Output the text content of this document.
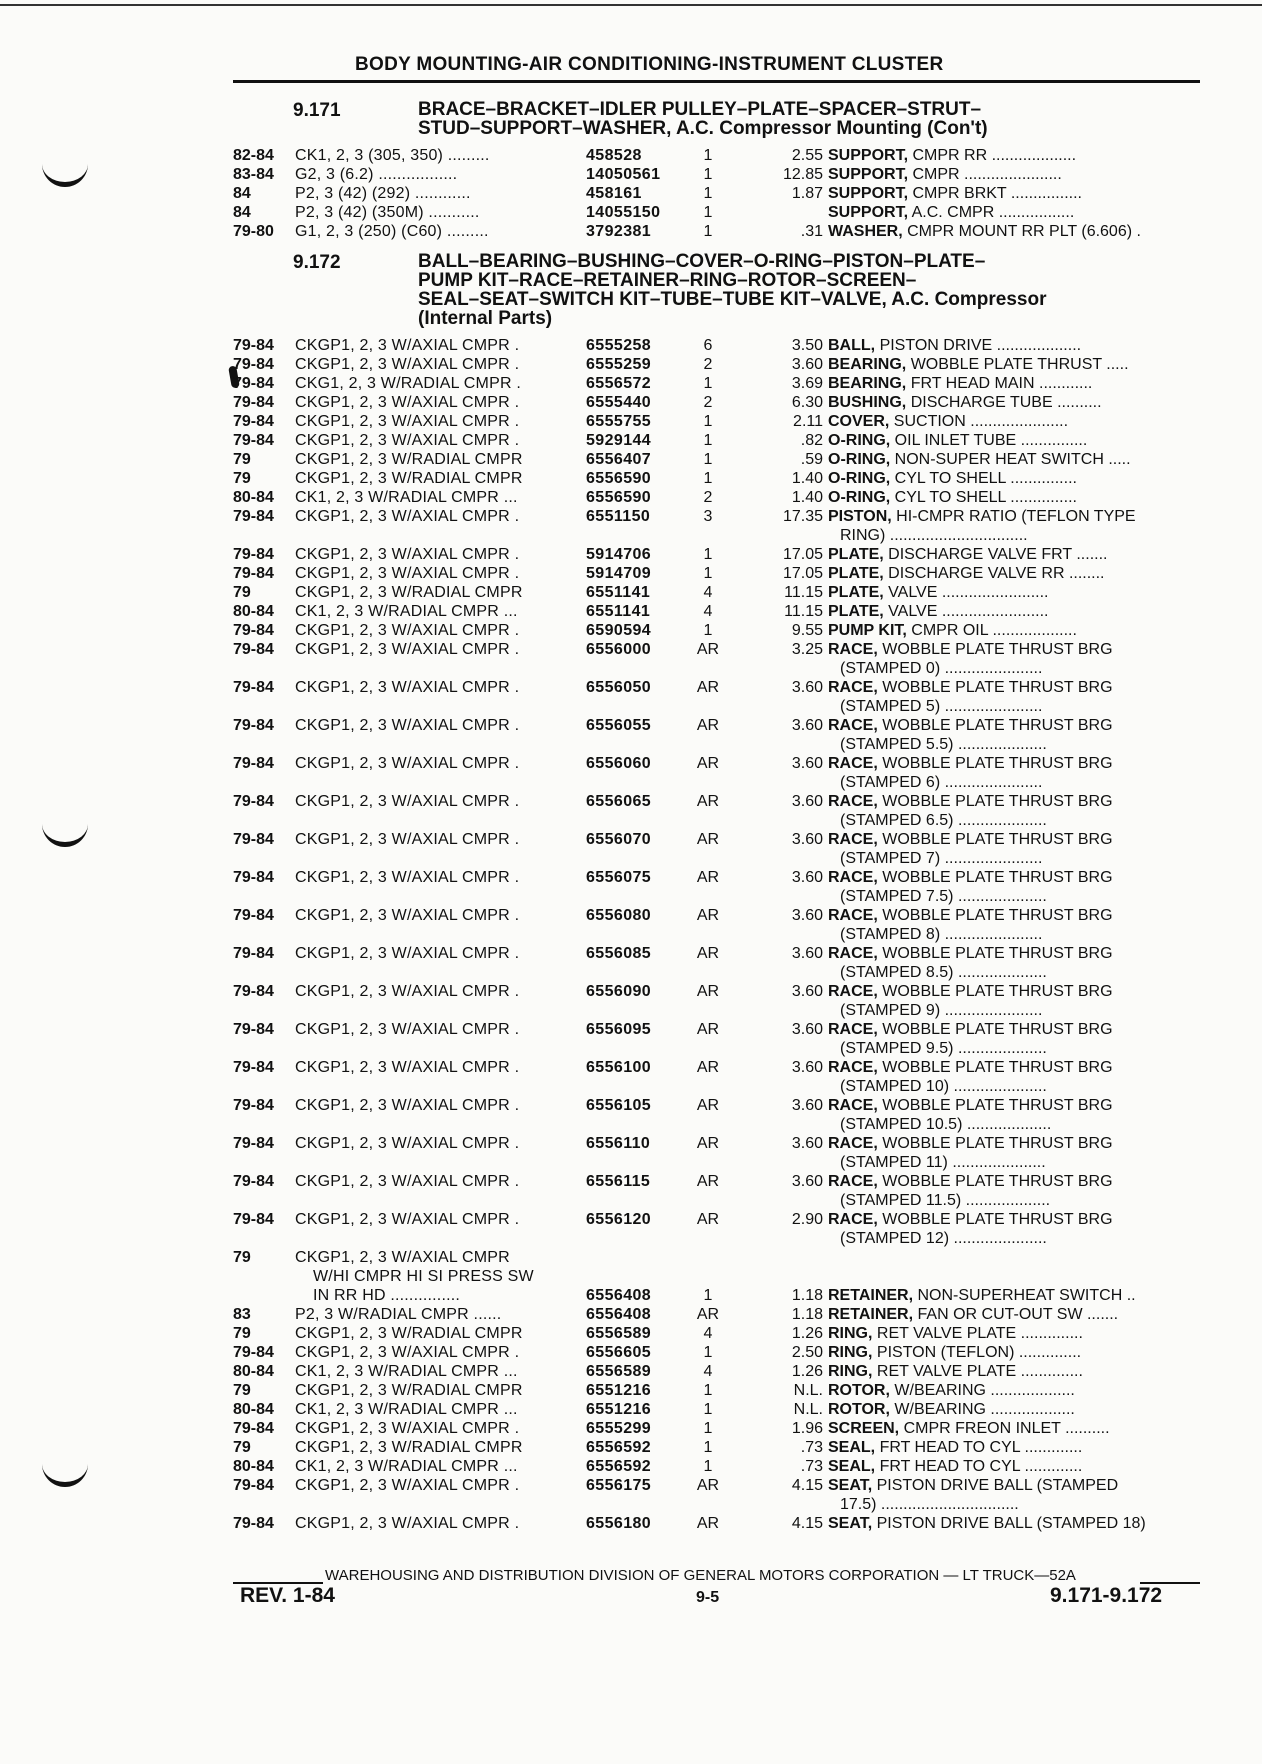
BODY MOUNTING-AIR CONDITIONING-INSTRUMENT CLUSTER
9.171	BRACE–BRACKET–IDLER PULLEY–PLATE–SPACER–STRUT–
STUD–SUPPORT–WASHER, A.C. Compressor Mounting (Con't)
82-84	CK1, 2, 3 (305, 350) .........	458528	1	2.55 SUPPORT, CMPR RR ...................
83-84	G2, 3 (6.2) .................	14050561	1	12.85 SUPPORT, CMPR ......................
84	P2, 3 (42) (292) ............	458161	1	1.87 SUPPORT, CMPR BRKT ................
84	P2, 3 (42) (350M) ...........	14055150	1	SUPPORT, A.C. CMPR .................
79-80	G1, 2, 3 (250) (C60) .........	3792381	1	.31 WASHER, CMPR MOUNT RR PLT (6.606) .
9.172	BALL–BEARING–BUSHING–COVER–O-RING–PISTON–PLATE–
PUMP KIT–RACE–RETAINER–RING–ROTOR–SCREEN–
SEAL–SEAT–SWITCH KIT–TUBE–TUBE KIT–VALVE, A.C. Compressor
(Internal Parts)
79-84	CKGP1, 2, 3 W/AXIAL CMPR .	6555258	6	3.50 BALL, PISTON DRIVE ...................
79-84	CKGP1, 2, 3 W/AXIAL CMPR .	6555259	2	3.60 BEARING, WOBBLE PLATE THRUST .....
79-84	CKG1, 2, 3 W/RADIAL CMPR .	6556572	1	3.69 BEARING, FRT HEAD MAIN ............
79-84	CKGP1, 2, 3 W/AXIAL CMPR .	6555440	2	6.30 BUSHING, DISCHARGE TUBE ..........
79-84	CKGP1, 2, 3 W/AXIAL CMPR .	6555755	1	2.11 COVER, SUCTION ......................
79-84	CKGP1, 2, 3 W/AXIAL CMPR .	5929144	1	.82 O-RING, OIL INLET TUBE ...............
79	CKGP1, 2, 3 W/RADIAL CMPR	6556407	1	.59 O-RING, NON-SUPER HEAT SWITCH .....
79	CKGP1, 2, 3 W/RADIAL CMPR	6556590	1	1.40 O-RING, CYL TO SHELL ...............
80-84	CK1, 2, 3 W/RADIAL CMPR ...	6556590	2	1.40 O-RING, CYL TO SHELL ...............
79-84	CKGP1, 2, 3 W/AXIAL CMPR .	6551150	3	17.35 PISTON, HI-CMPR RATIO (TEFLON TYPE
RING) ...............................
79-84	CKGP1, 2, 3 W/AXIAL CMPR .	5914706	1	17.05 PLATE, DISCHARGE VALVE FRT .......
79-84	CKGP1, 2, 3 W/AXIAL CMPR .	5914709	1	17.05 PLATE, DISCHARGE VALVE RR ........
79	CKGP1, 2, 3 W/RADIAL CMPR	6551141	4	11.15 PLATE, VALVE ........................
80-84	CK1, 2, 3 W/RADIAL CMPR ...	6551141	4	11.15 PLATE, VALVE ........................
79-84	CKGP1, 2, 3 W/AXIAL CMPR .	6590594	1	9.55 PUMP KIT, CMPR OIL ...................
79-84	CKGP1, 2, 3 W/AXIAL CMPR .	6556000	AR	3.25 RACE, WOBBLE PLATE THRUST BRG
(STAMPED 0) ......................
79-84	CKGP1, 2, 3 W/AXIAL CMPR .	6556050	AR	3.60 RACE, WOBBLE PLATE THRUST BRG
(STAMPED 5) ......................
79-84	CKGP1, 2, 3 W/AXIAL CMPR .	6556055	AR	3.60 RACE, WOBBLE PLATE THRUST BRG
(STAMPED 5.5) ....................
79-84	CKGP1, 2, 3 W/AXIAL CMPR .	6556060	AR	3.60 RACE, WOBBLE PLATE THRUST BRG
(STAMPED 6) ......................
79-84	CKGP1, 2, 3 W/AXIAL CMPR .	6556065	AR	3.60 RACE, WOBBLE PLATE THRUST BRG
(STAMPED 6.5) ....................
79-84	CKGP1, 2, 3 W/AXIAL CMPR .	6556070	AR	3.60 RACE, WOBBLE PLATE THRUST BRG
(STAMPED 7) ......................
79-84	CKGP1, 2, 3 W/AXIAL CMPR .	6556075	AR	3.60 RACE, WOBBLE PLATE THRUST BRG
(STAMPED 7.5) ....................
79-84	CKGP1, 2, 3 W/AXIAL CMPR .	6556080	AR	3.60 RACE, WOBBLE PLATE THRUST BRG
(STAMPED 8) ......................
79-84	CKGP1, 2, 3 W/AXIAL CMPR .	6556085	AR	3.60 RACE, WOBBLE PLATE THRUST BRG
(STAMPED 8.5) ....................
79-84	CKGP1, 2, 3 W/AXIAL CMPR .	6556090	AR	3.60 RACE, WOBBLE PLATE THRUST BRG
(STAMPED 9) ......................
79-84	CKGP1, 2, 3 W/AXIAL CMPR .	6556095	AR	3.60 RACE, WOBBLE PLATE THRUST BRG
(STAMPED 9.5) ....................
79-84	CKGP1, 2, 3 W/AXIAL CMPR .	6556100	AR	3.60 RACE, WOBBLE PLATE THRUST BRG
(STAMPED 10) .....................
79-84	CKGP1, 2, 3 W/AXIAL CMPR .	6556105	AR	3.60 RACE, WOBBLE PLATE THRUST BRG
(STAMPED 10.5) ...................
79-84	CKGP1, 2, 3 W/AXIAL CMPR .	6556110	AR	3.60 RACE, WOBBLE PLATE THRUST BRG
(STAMPED 11) .....................
79-84	CKGP1, 2, 3 W/AXIAL CMPR .	6556115	AR	3.60 RACE, WOBBLE PLATE THRUST BRG
(STAMPED 11.5) ...................
79-84	CKGP1, 2, 3 W/AXIAL CMPR .	6556120	AR	2.90 RACE, WOBBLE PLATE THRUST BRG
(STAMPED 12) .....................
79	CKGP1, 2, 3 W/AXIAL CMPR
W/HI CMPR HI SI PRESS SW
IN RR HD ...............	6556408	1	1.18 RETAINER, NON-SUPERHEAT SWITCH ..
83	P2, 3 W/RADIAL CMPR ......	6556408	AR	1.18 RETAINER, FAN OR CUT-OUT SW .......
79	CKGP1, 2, 3 W/RADIAL CMPR	6556589	4	1.26 RING, RET VALVE PLATE ..............
79-84	CKGP1, 2, 3 W/AXIAL CMPR .	6556605	1	2.50 RING, PISTON (TEFLON) ..............
80-84	CK1, 2, 3 W/RADIAL CMPR ...	6556589	4	1.26 RING, RET VALVE PLATE ..............
79	CKGP1, 2, 3 W/RADIAL CMPR	6551216	1	N.L. ROTOR, W/BEARING ...................
80-84	CK1, 2, 3 W/RADIAL CMPR ...	6551216	1	N.L. ROTOR, W/BEARING ...................
79-84	CKGP1, 2, 3 W/AXIAL CMPR .	6555299	1	1.96 SCREEN, CMPR FREON INLET ..........
79	CKGP1, 2, 3 W/RADIAL CMPR	6556592	1	.73 SEAL, FRT HEAD TO CYL .............
80-84	CK1, 2, 3 W/RADIAL CMPR ...	6556592	1	.73 SEAL, FRT HEAD TO CYL .............
79-84	CKGP1, 2, 3 W/AXIAL CMPR .	6556175	AR	4.15 SEAT, PISTON DRIVE BALL (STAMPED
17.5) ...............................
79-84	CKGP1, 2, 3 W/AXIAL CMPR .	6556180	AR	4.15 SEAT, PISTON DRIVE BALL (STAMPED 18)
WAREHOUSING AND DISTRIBUTION DIVISION OF GENERAL MOTORS CORPORATION — LT TRUCK—52A
REV. 1-84	9-5	9.171-9.172
